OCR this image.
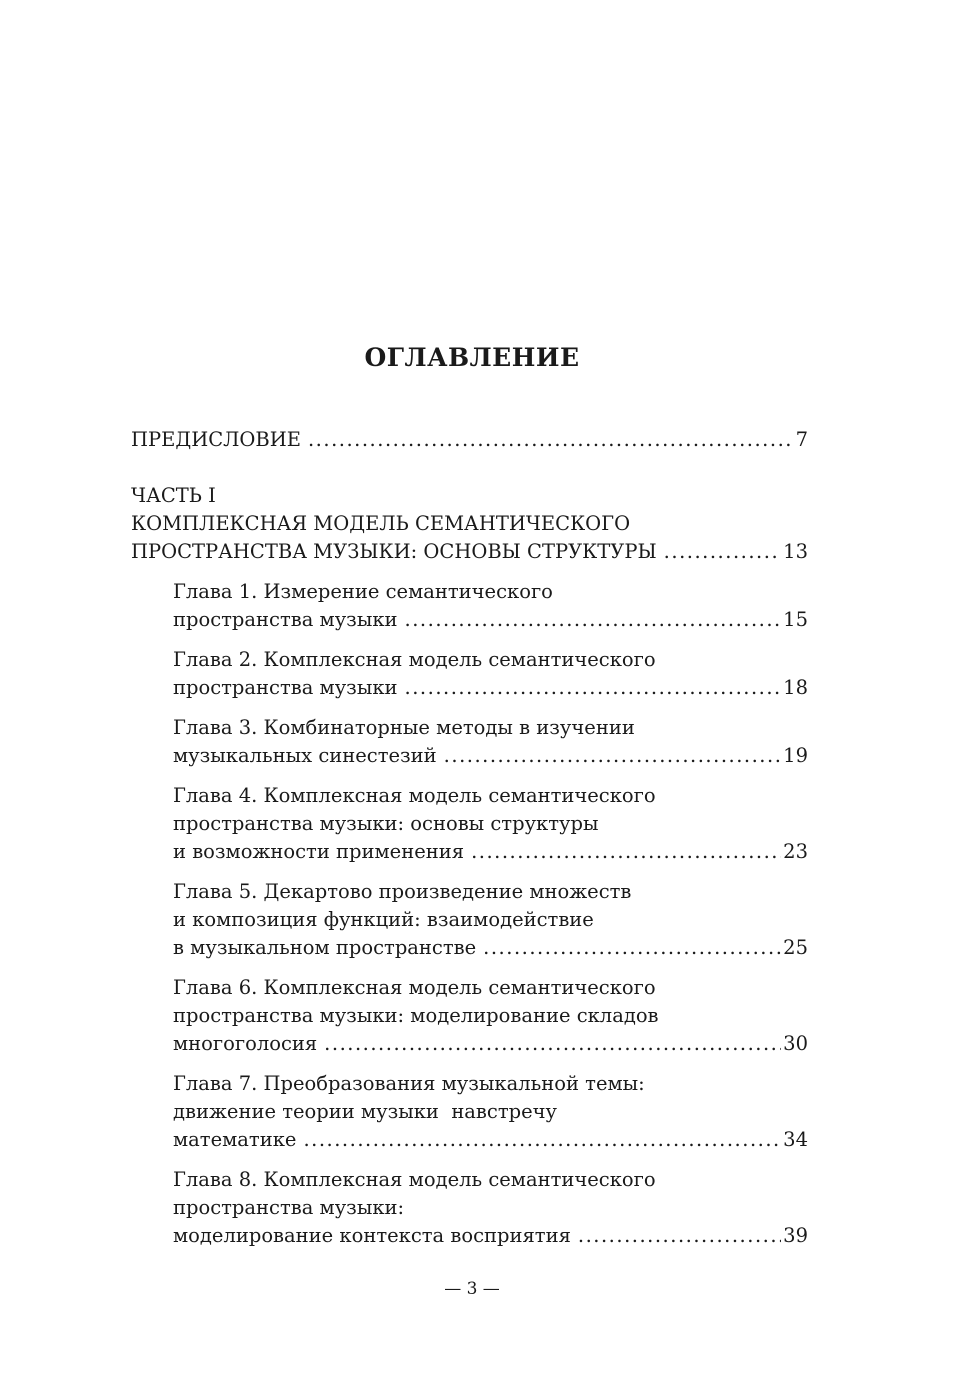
ОГЛАВЛЕНИЕ
ПРЕДИСЛОВИЕ .....	7
ЧАСТЬ I
КОМПЛЕКСНАЯ МОДЕЛЬ СЕМАНТИЧЕСКОГО
ПРОСТРАНСТВА МУЗЫКИ: ОСНОВЫ СТРУКТУРЫ .....	13
Глава 1. Измерение семантического
пространства музыки .....	15
Глава 2. Комплексная модель семантического
пространства музыки .....	18
Глава 3. Комбинаторные методы в изучении
музыкальных синестезий .....	19
Глава 4. Комплексная модель семантического
пространства музыки: основы структуры
и возможности применения .....	23
Глава 5. Декартово произведение множеств
и композиция функций: взаимодействие
в музыкальном пространстве .....	25
Глава 6. Комплексная модель семантического
пространства музыки: моделирование складов
многоголосия .....	30
Глава 7. Преобразования музыкальной темы:
движение теории музыки  навстречу
математике .....	34
Глава 8. Комплексная модель семантического
пространства музыки:
моделирование контекста восприятия .....	39
— 3 —
